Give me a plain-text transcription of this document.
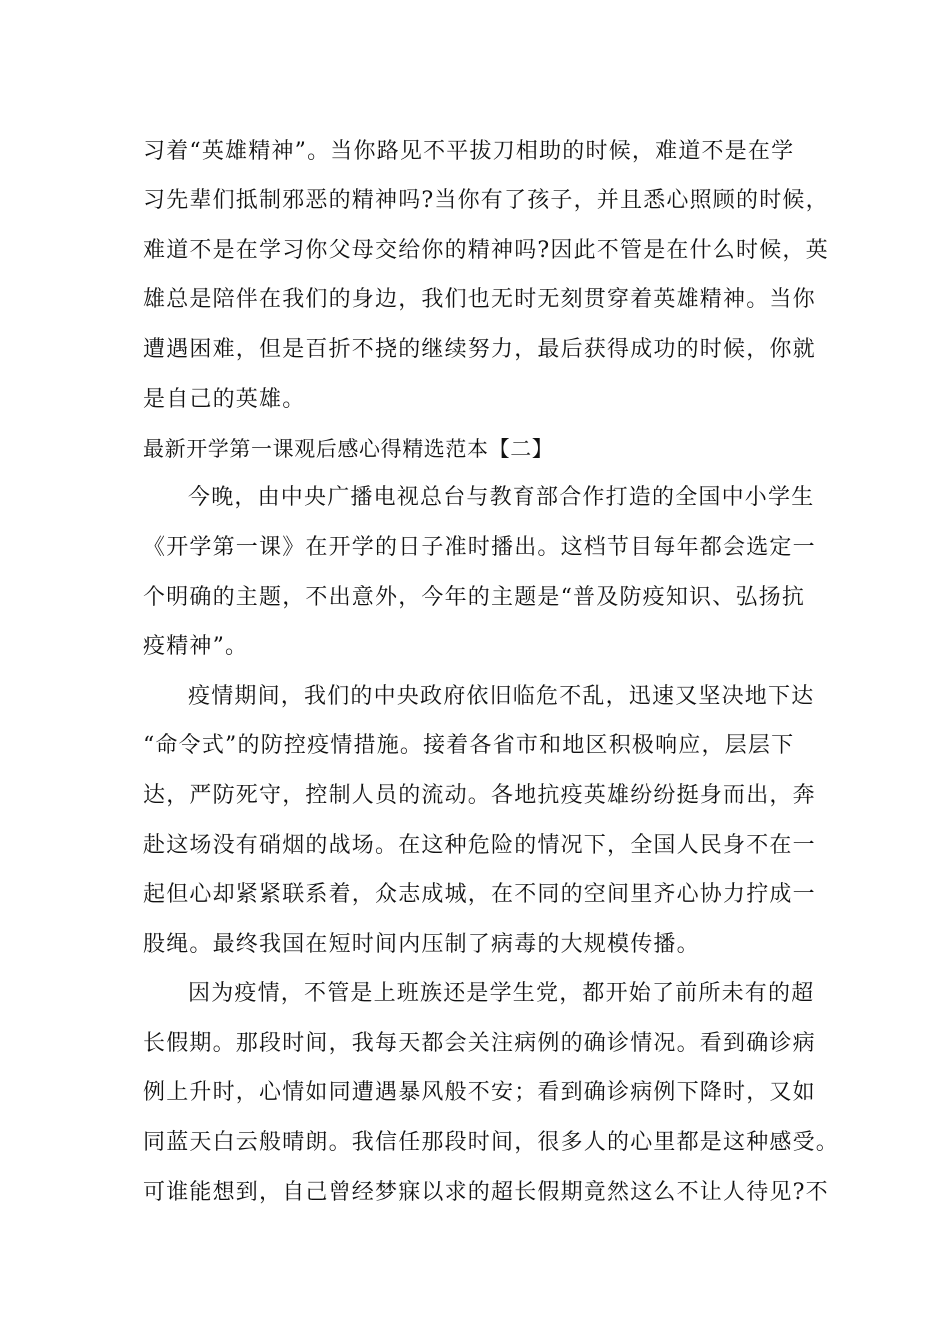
习着“英雄精神”。当你路见不平拔刀相助的时候，难道不是在学
习先辈们抵制邪恶的精神吗?当你有了孩子，并且悉心照顾的时候，
难道不是在学习你父母交给你的精神吗?因此不管是在什么时候，英
雄总是陪伴在我们的身边，我们也无时无刻贯穿着英雄精神。当你
遭遇困难，但是百折不挠的继续努力，最后获得成功的时候，你就
是自己的英雄。
最新开学第一课观后感心得精选范本【二】
今晚，由中央广播电视总台与教育部合作打造的全国中小学生
《开学第一课》在开学的日子准时播出。这档节目每年都会选定一
个明确的主题，不出意外，今年的主题是“普及防疫知识、弘扬抗
疫精神”。
疫情期间，我们的中央政府依旧临危不乱，迅速又坚决地下达
“命令式”的防控疫情措施。接着各省市和地区积极响应，层层下
达，严防死守，控制人员的流动。各地抗疫英雄纷纷挺身而出，奔
赴这场没有硝烟的战场。在这种危险的情况下，全国人民身不在一
起但心却紧紧联系着，众志成城，在不同的空间里齐心协力拧成一
股绳。最终我国在短时间内压制了病毒的大规模传播。
因为疫情，不管是上班族还是学生党，都开始了前所未有的超
长假期。那段时间，我每天都会关注病例的确诊情况。看到确诊病
例上升时，心情如同遭遇暴风般不安；看到确诊病例下降时，又如
同蓝天白云般晴朗。我信任那段时间，很多人的心里都是这种感受。
可谁能想到，自己曾经梦寐以求的超长假期竟然这么不让人待见?不
